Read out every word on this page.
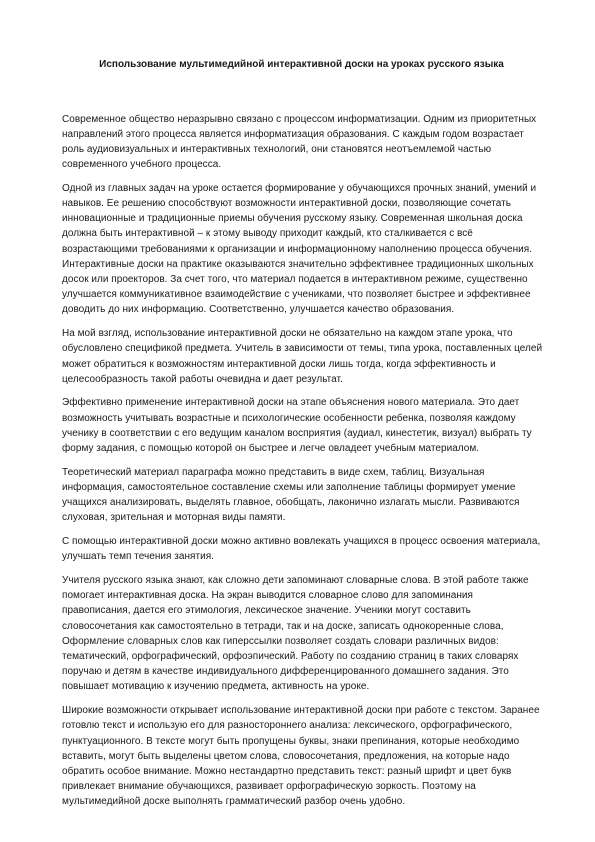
Использование мультимедийной интерактивной доски на уроках русского языка

Современное общество неразрывно связано с процессом информатизации. Одним из приоритетных направлений этого процесса является информатизация образования. С каждым годом возрастает роль аудиовизуальных и интерактивных технологий, они становятся неотъемлемой частью современного учебного процесса.

Одной из главных задач на уроке остается формирование у обучающихся прочных знаний, умений и навыков. Ее решению способствуют возможности интерактивной доски, позволяющие сочетать инновационные и традиционные приемы обучения русскому языку. Современная школьная доска должна быть интерактивной – к этому выводу приходит каждый, кто сталкивается с всё возрастающими требованиями к организации и информационному наполнению процесса обучения. Интерактивные доски на практике оказываются значительно эффективнее традиционных школьных досок или проекторов. За счет того, что материал подается в интерактивном режиме, существенно улучшается коммуникативное взаимодействие с учениками, что позволяет быстрее и эффективнее доводить до них информацию. Соответственно, улучшается качество образования.

На мой взгляд, использование интерактивной доски не обязательно на каждом этапе урока, что обусловлено спецификой предмета. Учитель в зависимости от темы, типа урока, поставленных целей может обратиться к возможностям интерактивной доски лишь тогда, когда эффективность и целесообразность такой работы очевидна и дает результат.

Эффективно применение интерактивной доски на этапе объяснения нового материала. Это дает возможность учитывать возрастные и психологические особенности ребенка, позволяя каждому ученику в соответствии с его ведущим каналом восприятия (аудиал, кинестетик, визуал) выбрать ту форму задания, с помощью которой он быстрее и легче овладеет учебным материалом.

Теоретический материал параграфа можно представить в виде схем, таблиц. Визуальная информация, самостоятельное составление схемы или заполнение таблицы формирует умение учащихся анализировать, выделять главное, обобщать, лаконично излагать мысли. Развиваются слуховая, зрительная и моторная виды памяти.

С помощью интерактивной доски можно активно вовлекать учащихся в процесс освоения материала, улучшать темп течения занятия.

Учителя русского языка знают, как сложно дети запоминают словарные слова. В этой работе также помогает интерактивная доска. На экран выводится словарное слово для запоминания правописания, дается его этимология, лексическое значение. Ученики могут составить словосочетания как самостоятельно в тетради, так и на доске, записать однокоренные слова, Оформление словарных слов как гиперссылки позволяет создать словари различных видов: тематический, орфографический, орфоэпический. Работу по созданию страниц в таких словарях поручаю и детям в качестве индивидуального дифференцированного домашнего задания. Это повышает мотивацию к изучению предмета, активность на уроке.

Широкие возможности открывает использование интерактивной доски при работе с текстом. Заранее готовлю текст и использую его для разностороннего анализа: лексического, орфографического, пунктуационного. В тексте могут быть пропущены буквы, знаки препинания, которые необходимо вставить, могут быть выделены цветом слова, словосочетания, предложения, на которые надо обратить особое внимание. Можно нестандартно представить текст: разный шрифт и цвет букв привлекает внимание обучающихся, развивает орфографическую зоркость. Поэтому на мультимедийной доске выполнять грамматический разбор очень удобно.
